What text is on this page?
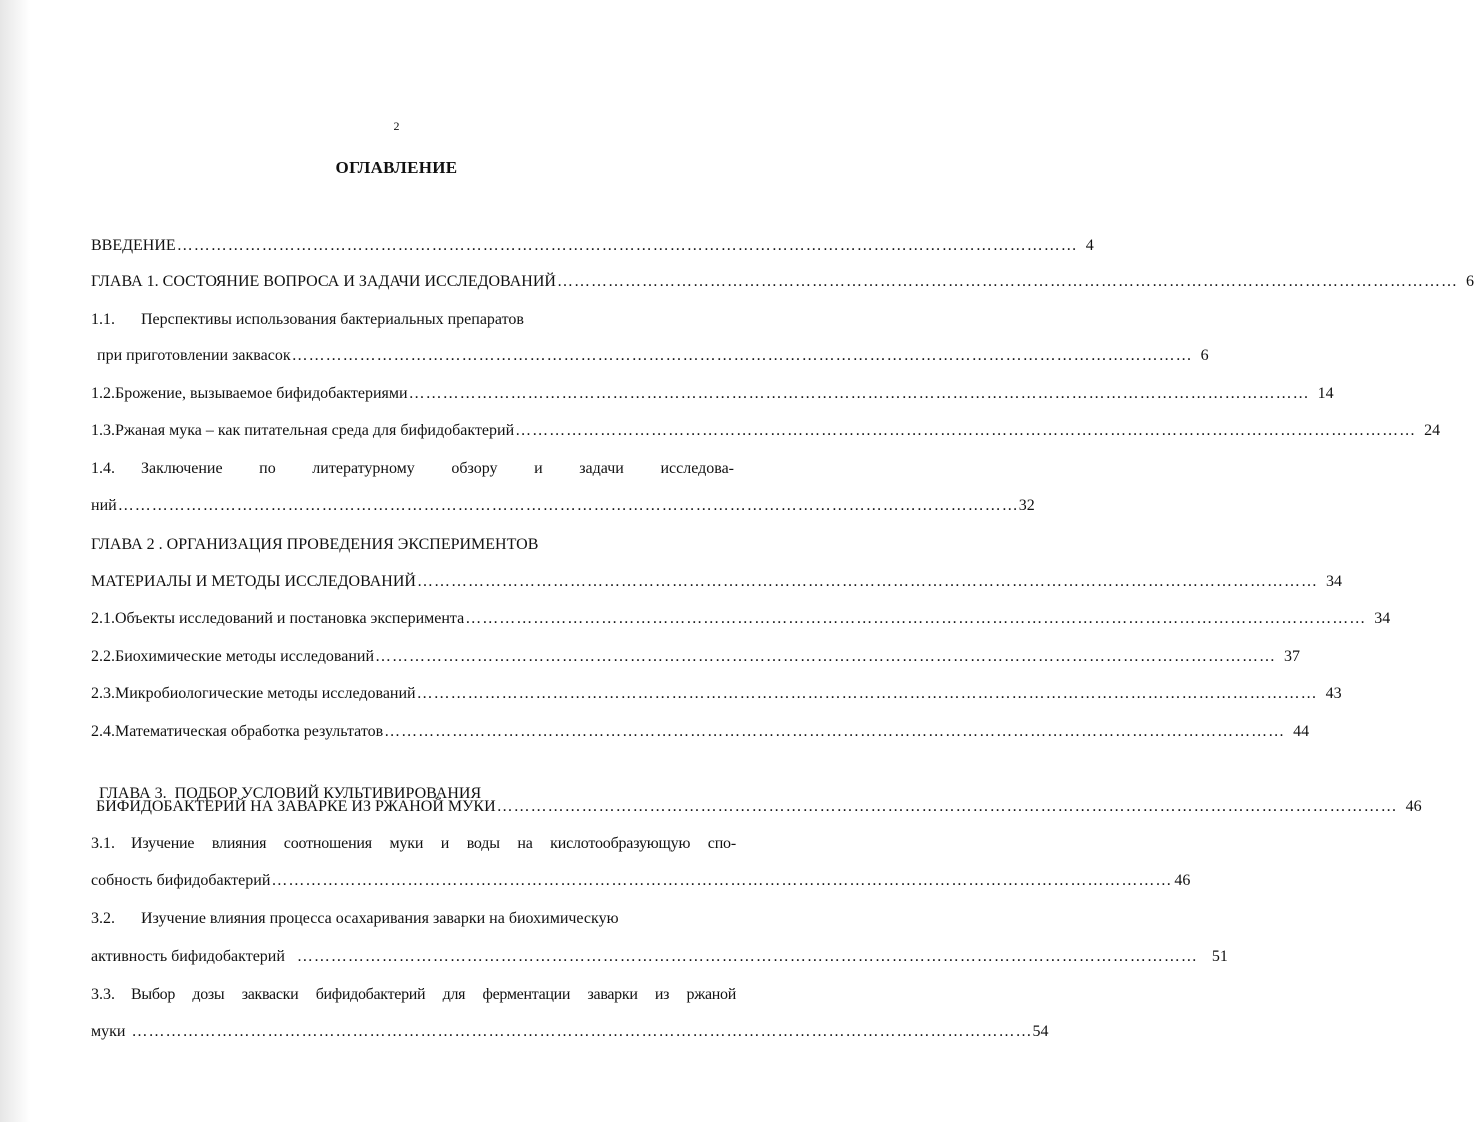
2
ОГЛАВЛЕНИЕ
ВВЕДЕНИЕ ……………………………………………………………………………………………………………………………………………	4
ГЛАВА 1. СОСТОЯНИЕ ВОПРОСА И ЗАДАЧИ ИССЛЕДОВАНИЙ ……………………………………………………………………………………………………………………………………………	6
1.1. Перспективы использования бактериальных препаратов
при приготовлении заквасок ……………………………………………………………………………………………………………………………………………	6
1.2. Брожение, вызываемое бифидобактериями ……………………………………………………………………………………………………………………………………………	14
1.3. Ржаная мука – как питательная среда для бифидобактерий ……………………………………………………………………………………………………………………………………………	24
1.4.	Заключение по литературному обзору и задачи исследова-
ний ……………………………………………………………………………………………………………………………………………	32
ГЛАВА 2 . ОРГАНИЗАЦИЯ ПРОВЕДЕНИЯ ЭКСПЕРИМЕНТОВ
МАТЕРИАЛЫ И МЕТОДЫ ИССЛЕДОВАНИЙ ……………………………………………………………………………………………………………………………………………	34
2.1. Объекты исследований и постановка эксперимента ……………………………………………………………………………………………………………………………………………	34
2.2. Биохимические методы исследований ……………………………………………………………………………………………………………………………………………	37
2.3. Микробиологические методы исследований ……………………………………………………………………………………………………………………………………………	43
2.4. Математическая обработка результатов ……………………………………………………………………………………………………………………………………………	44

ГЛАВА 3.  ПОДБОР УСЛОВИЙ КУЛЬТИВИРОВАНИЯ

БИФИДОБАКТЕРИЙ НА ЗАВАРКЕ ИЗ РЖАНОЙ МУКИ ……………………………………………………………………………………………………………………………………………	46
3.1.	Изучение влияния соотношения муки и воды на кислотообразующую спо-
собность бифидобактерий ……………………………………………………………………………………………………………………………………………	46
3.2. Изучение влияния процесса осахаривания заварки на биохимическую
активность бифидобактерий ……………………………………………………………………………………………………………………………………………	51
3.3.	Выбор дозы закваски бифидобактерий для ферментации заварки из ржаной
муки ……………………………………………………………………………………………………………………………………………	54
